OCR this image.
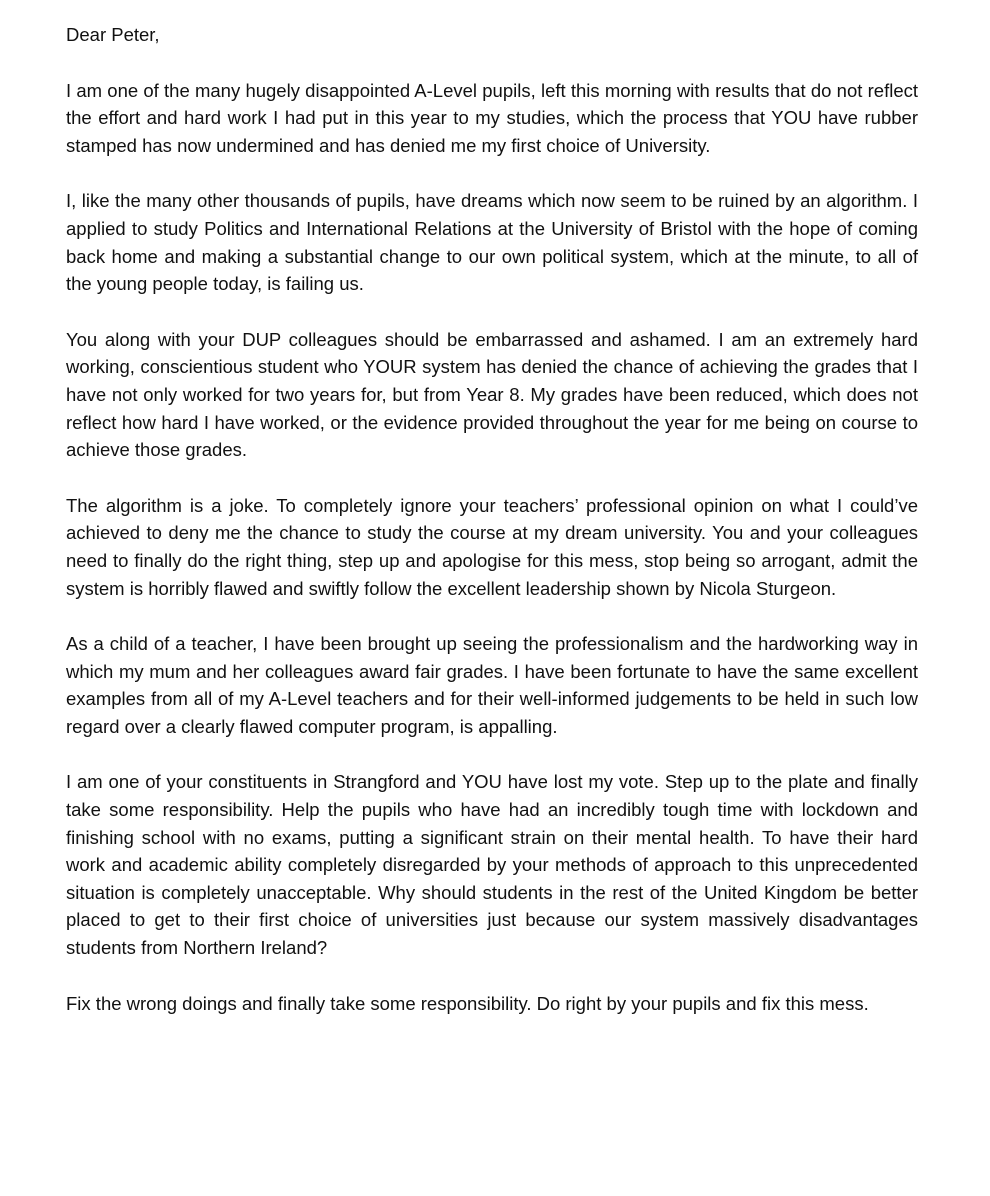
Dear Peter,

I am one of the many hugely disappointed A-Level pupils, left this morning with results that do not reflect the effort and hard work I had put in this year to my studies, which the process that YOU have rubber stamped has now undermined and has denied me my first choice of University.

I, like the many other thousands of pupils, have dreams which now seem to be ruined by an algorithm. I applied to study Politics and International Relations at the University of Bristol with the hope of coming back home and making a substantial change to our own political system, which at the minute, to all of the young people today, is failing us.

You along with your DUP colleagues should be embarrassed and ashamed. I am an extremely hard working, conscientious student who YOUR system has denied the chance of achieving the grades that I have not only worked for two years for, but from Year 8. My grades have been reduced, which does not reflect how hard I have worked, or the evidence provided throughout the year for me being on course to achieve those grades.

The algorithm is a joke. To completely ignore your teachers’ professional opinion on what I could’ve achieved to deny me the chance to study the course at my dream university. You and your colleagues need to finally do the right thing, step up and apologise for this mess, stop being so arrogant, admit the system is horribly flawed and swiftly follow the excellent leadership shown by Nicola Sturgeon.

As a child of a teacher, I have been brought up seeing the professionalism and the hardworking way in which my mum and her colleagues award fair grades. I have been fortunate to have the same excellent examples from all of my A-Level teachers and for their well-informed judgements to be held in such low regard over a clearly flawed computer program, is appalling.

I am one of your constituents in Strangford and YOU have lost my vote. Step up to the plate and finally take some responsibility. Help the pupils who have had an incredibly tough time with lockdown and finishing school with no exams, putting a significant strain on their mental health. To have their hard work and academic ability completely disregarded by your methods of approach to this unprecedented situation is completely unacceptable. Why should students in the rest of the United Kingdom be better placed to get to their first choice of universities just because our system massively disadvantages students from Northern Ireland?

Fix the wrong doings and finally take some responsibility. Do right by your pupils and fix this mess.
